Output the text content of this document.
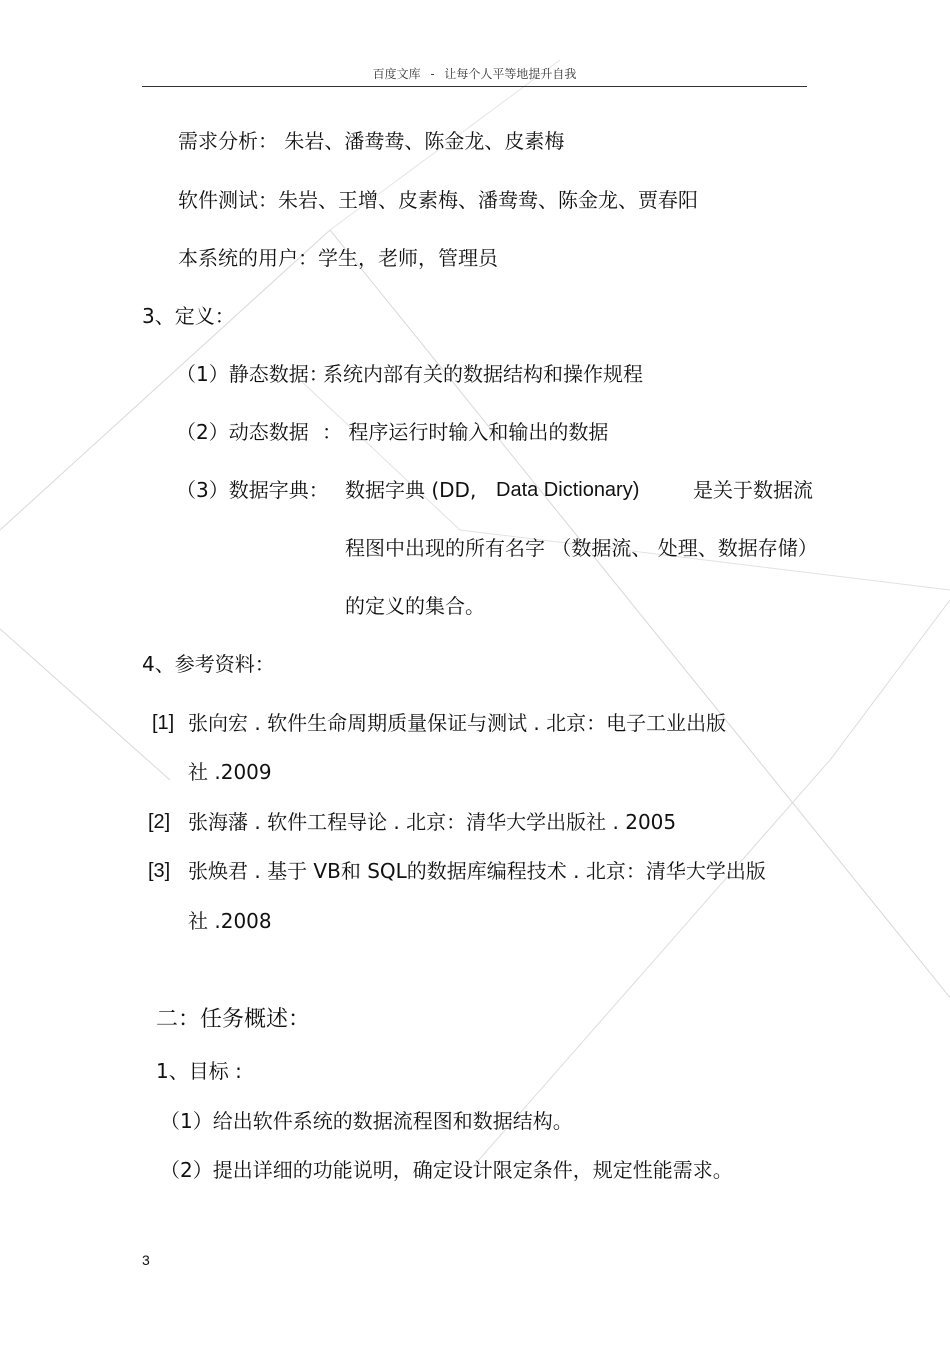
百度文库 - 让每个人平等地提升自我
需求分析： 朱岩、潘鸯鸯、陈金龙、皮素梅
软件测试：朱岩、王增、皮素梅、潘鸯鸯、陈金龙、贾春阳
本系统的用户：学生，老师，管理员
3、定义：
（1）静态数据：
系统内部有关的数据结构和操作规程
（2）动态数据 ： 程序运行时输入和输出的数据
（3）数据字典： 数据字典 (DD, Data Dictionary)	是关于数据流
程图中出现的所有名字 （数据流、 处理、数据存储）
的定义的集合。
4、参考资料：
[1] 张向宏 . 软件生命周期质量保证与测试 . 北京：电子工业出版
社 .2009
[2] 张海藩 . 软件工程导论 . 北京：清华大学出版社 . 2005
[3] 张焕君 . 基于 VB和 SQL的数据库编程技术 . 北京：清华大学出版
社 .2008
二：任务概述：
1、目标 :
（1）给出软件系统的数据流程图和数据结构。
（2）提出详细的功能说明，确定设计限定条件，规定性能需求。
3
